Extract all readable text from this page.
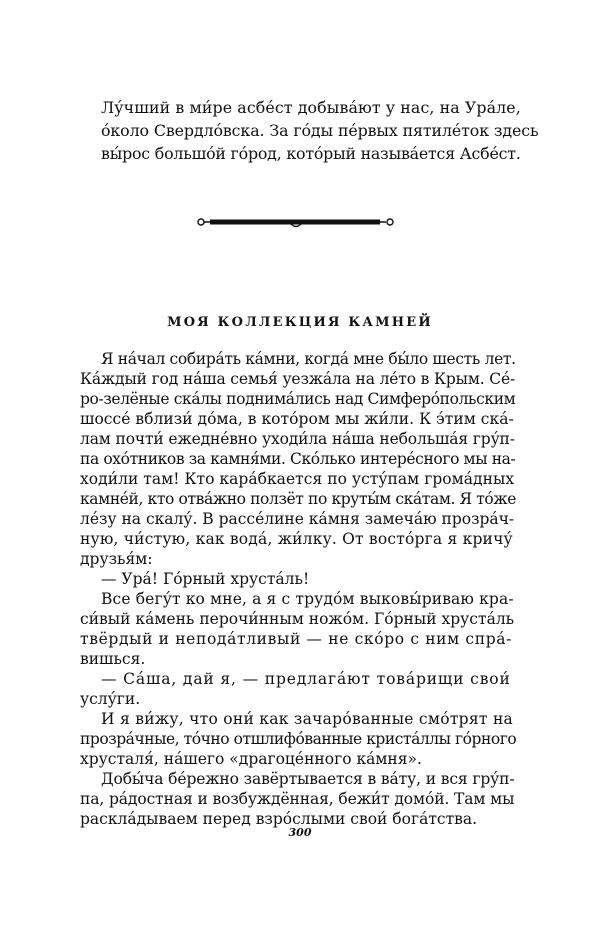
Лу́чший в ми́ре асбе́ст добыва́ют у нас, на Ура́ле,
о́коло Свердло́вска. За го́ды пе́рвых пятиле́ток здесь
вы́рос большо́й го́род, кото́рый называ́ется Асбе́ст.
МОЯ КОЛЛЕКЦИЯ КАМНЕЙ
Я на́чал собира́ть ка́мни, когда́ мне бы́ло шесть лет.
Ка́ждый год на́ша семья́ уезжа́ла на ле́то в Крым. Се́-
ро-зелёные ска́лы поднима́лись над Симферо́польским
шоссе́ вблизи́ до́ма, в кото́ром мы жи́ли. К э́тим ска́-
лам почти́ ежедне́вно уходи́ла на́ша небольша́я гру́п-
па охо́тников за камня́ми. Ско́лько интере́сного мы на-
ходи́ли там! Кто кара́бкается по усту́пам грома́дных
камне́й, кто отва́жно ползёт по круты́м ска́там. Я то́же
ле́зу на скалу́. В рассе́лине ка́мня замеча́ю прозра́ч-
ную, чи́стую, как вода́, жи́лку. От восто́рга я кричу́
друзья́м:
— Ура́! Го́рный хруста́ль!
Все бегу́т ко мне, а я с трудо́м выковы́риваю кра-
си́вый ка́мень перочи́нным ножо́м. Го́рный хруста́ль
твёрдый и непода́тливый — не ско́ро с ним спра́-
вишься.
— Са́ша, дай я, — предлага́ют това́рищи свои́
услу́ги.
И я ви́жу, что они́ как зачаро́ванные смо́трят на
прозра́чные, то́чно отшлифо́ванные криста́ллы го́рного
хрусталя́, на́шего «драгоце́нного ка́мня».
Добы́ча бе́режно завёртывается в ва́ту, и вся гру́п-
па, ра́достная и возбуждённая, бежи́т домо́й. Там мы
раскла́дываем перед взро́слыми свои́ бога́тства.
300
